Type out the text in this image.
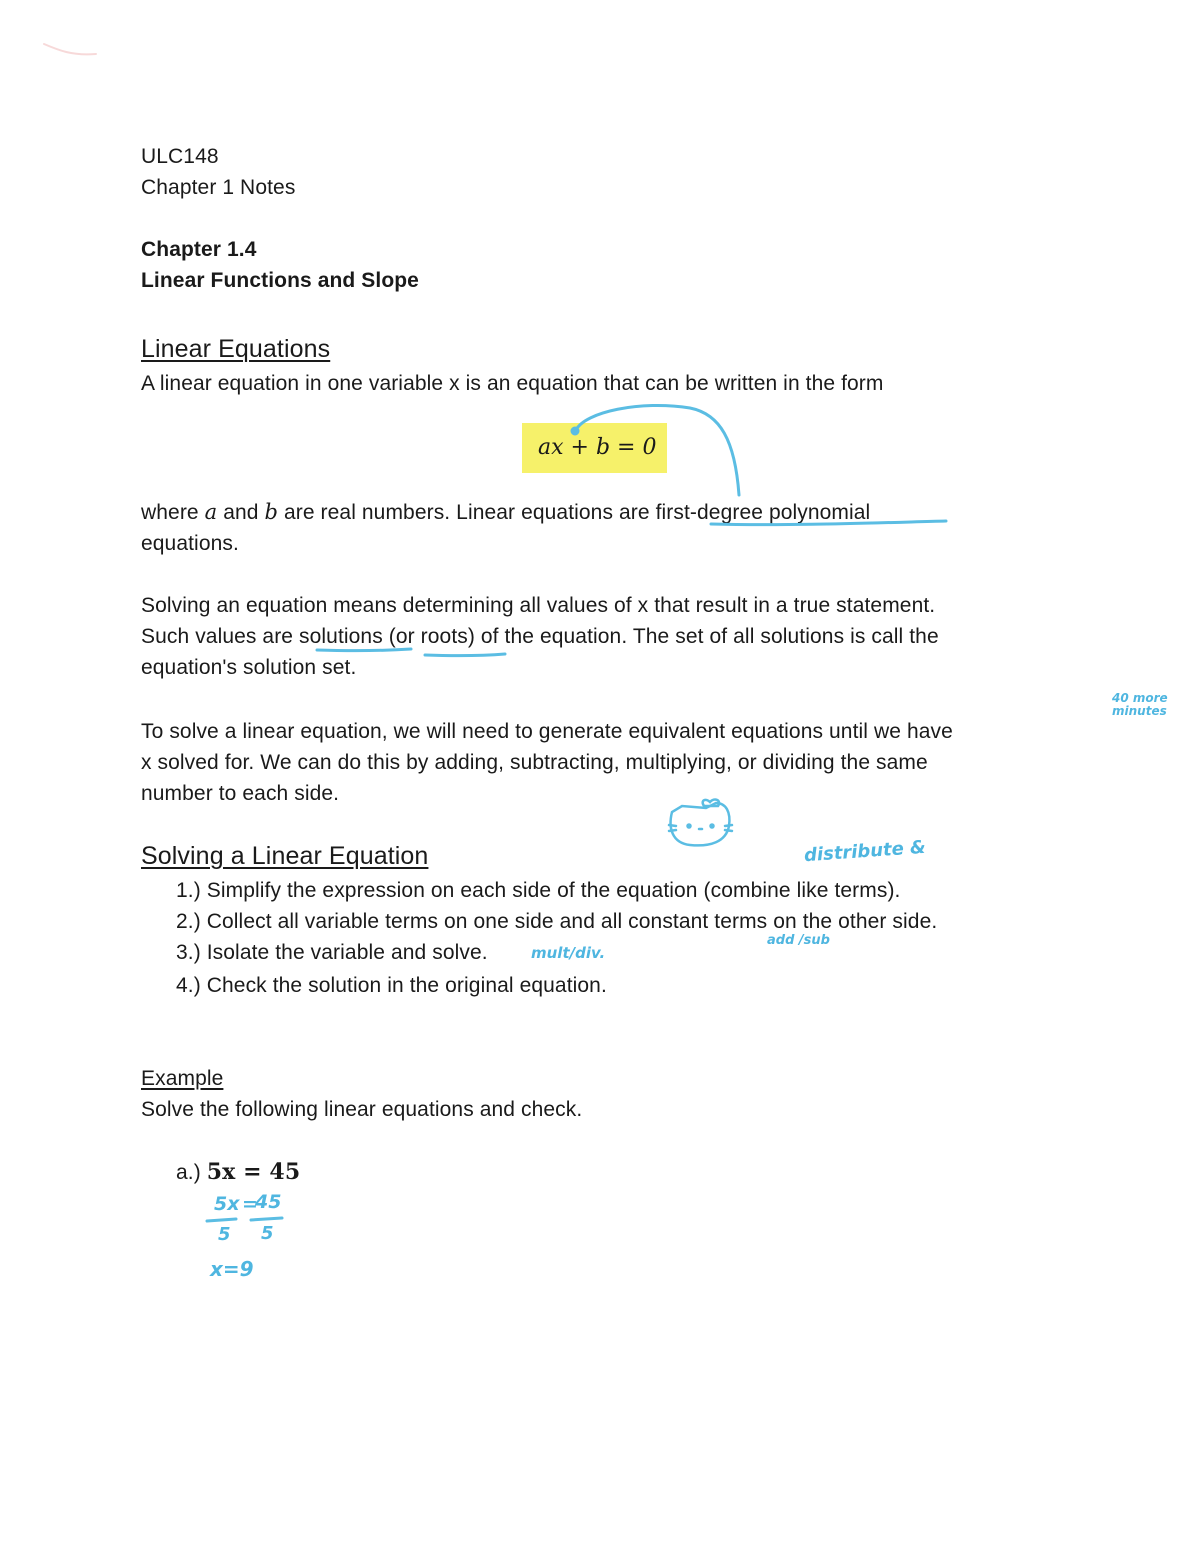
ULC148
Chapter 1 Notes
Chapter 1.4
Linear Functions and Slope
Linear Equations
A linear equation in one variable x is an equation that can be written in the form
ax + b = 0
where a and b are real numbers. Linear equations are first-degree polynomial
equations.
Solving an equation means determining all values of x that result in a true statement.
Such values are solutions (or roots) of the equation. The set of all solutions is call the
equation's solution set.
To solve a linear equation, we will need to generate equivalent equations until we have
x solved for. We can do this by adding, subtracting, multiplying, or dividing the same
number to each side.
Solving a Linear Equation
1.) Simplify the expression on each side of the equation (combine like terms).
2.) Collect all variable terms on one side and all constant terms on the other side.
3.) Isolate the variable and solve.
4.) Check the solution in the original equation.
Example
Solve the following linear equations and check.
a.) 5x = 45
40 more
minutes
distribute &
add /sub
mult/div.
5x =
45
5 5
x=9
